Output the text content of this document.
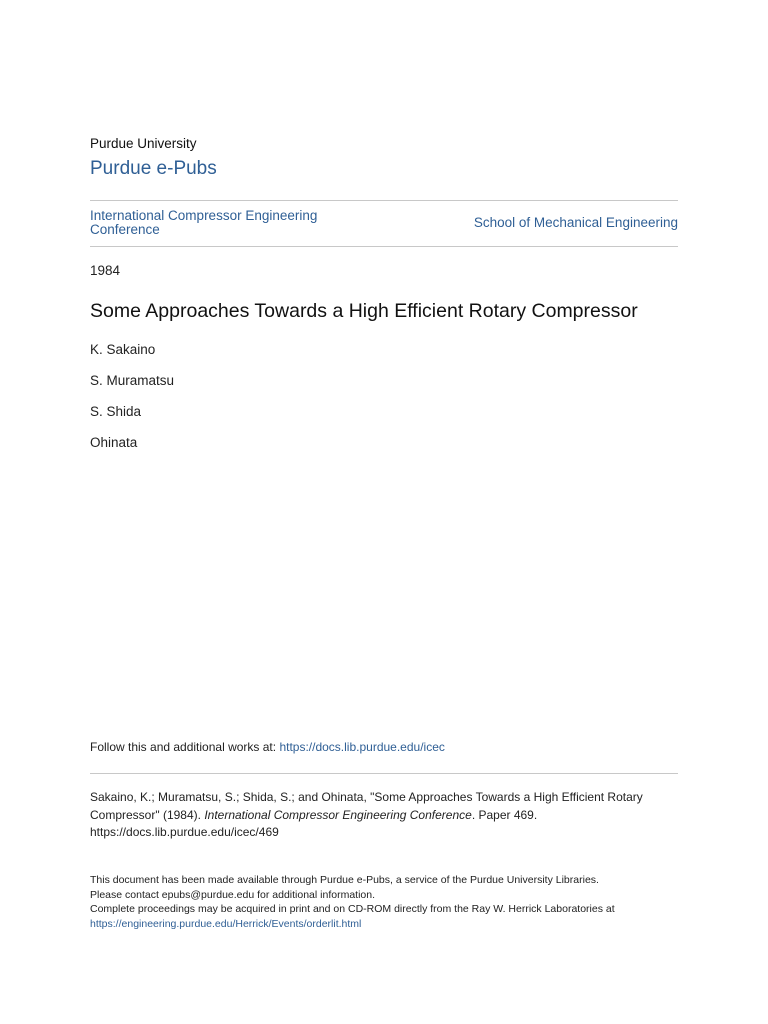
Purdue University
Purdue e-Pubs
International Compressor Engineering Conference	School of Mechanical Engineering
1984
Some Approaches Towards a High Efficient Rotary Compressor
K. Sakaino
S. Muramatsu
S. Shida
Ohinata
Follow this and additional works at: https://docs.lib.purdue.edu/icec
Sakaino, K.; Muramatsu, S.; Shida, S.; and Ohinata, "Some Approaches Towards a High Efficient Rotary Compressor" (1984). International Compressor Engineering Conference. Paper 469.
https://docs.lib.purdue.edu/icec/469
This document has been made available through Purdue e-Pubs, a service of the Purdue University Libraries.
Please contact epubs@purdue.edu for additional information.
Complete proceedings may be acquired in print and on CD-ROM directly from the Ray W. Herrick Laboratories at
https://engineering.purdue.edu/Herrick/Events/orderlit.html
